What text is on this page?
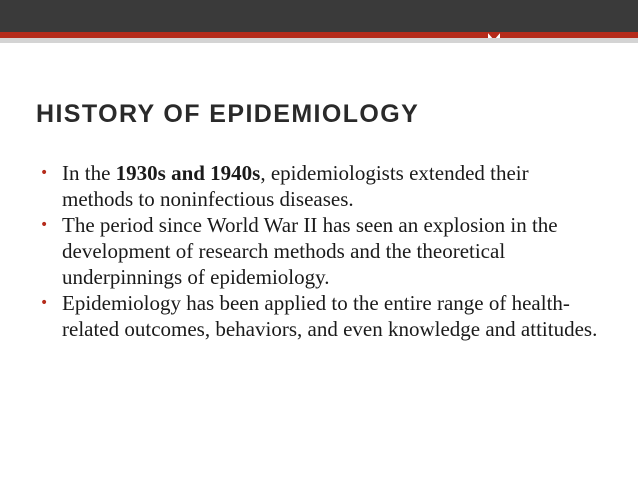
HISTORY OF EPIDEMIOLOGY
• In the 1930s and 1940s, epidemiologists extended their methods to noninfectious diseases.
• The period since World War II has seen an explosion in the development of research methods and the theoretical underpinnings of epidemiology.
• Epidemiology has been applied to the entire range of health-related outcomes, behaviors, and even knowledge and attitudes.
